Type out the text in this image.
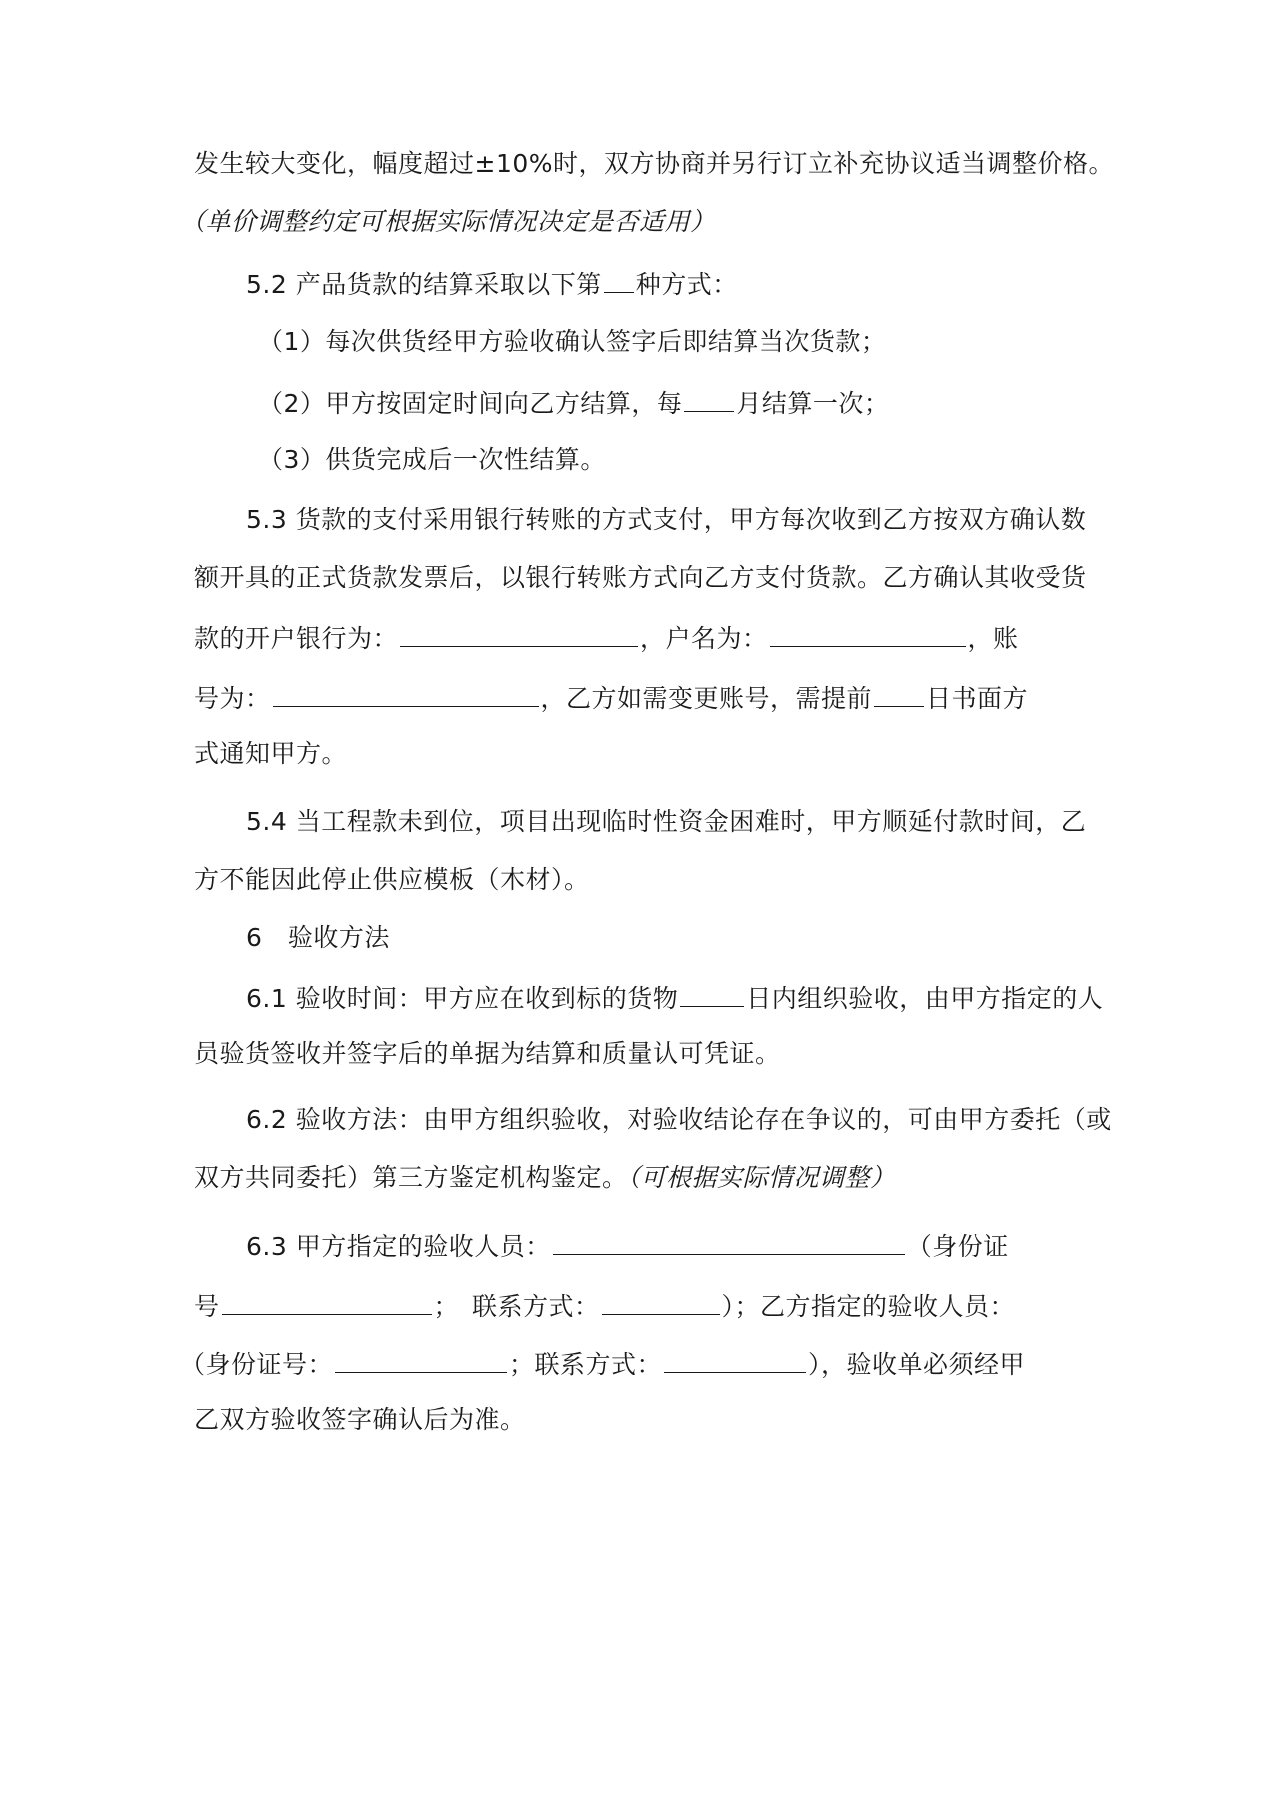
发生较大变化，幅度超过±10%时，双方协商并另行订立补充协议适当调整价格。
（单价调整约定可根据实际情况决定是否适用）
5.2 产品货款的结算采取以下第 种方式：
（1）每次供货经甲方验收确认签字后即结算当次货款；
（2）甲方按固定时间向乙方结算，每 月结算一次；
（3）供货完成后一次性结算。
5.3 货款的支付采用银行转账的方式支付，甲方每次收到乙方按双方确认数
额开具的正式货款发票后，以银行转账方式向乙方支付货款。乙方确认其收受货
款的开户银行为：	，户名为：	，账
号为：	，乙方如需变更账号，需提前 日书面方
式通知甲方。
5.4 当工程款未到位，项目出现临时性资金困难时，甲方顺延付款时间，乙
方不能因此停止供应模板（木材）。
6　验收方法
6.1 验收时间：甲方应在收到标的货物	日内组织验收，由甲方指定的人
员验货签收并签字后的单据为结算和质量认可凭证。
6.2 验收方法：由甲方组织验收，对验收结论存在争议的，可由甲方委托（或
双方共同委托）第三方鉴定机构鉴定。（可根据实际情况调整）
6.3 甲方指定的验收人员：	（身份证
号	；　联系方式：	）；乙方指定的验收人员：
（身份证号：	；联系方式：	），验收单必须经甲
乙双方验收签字确认后为准。
